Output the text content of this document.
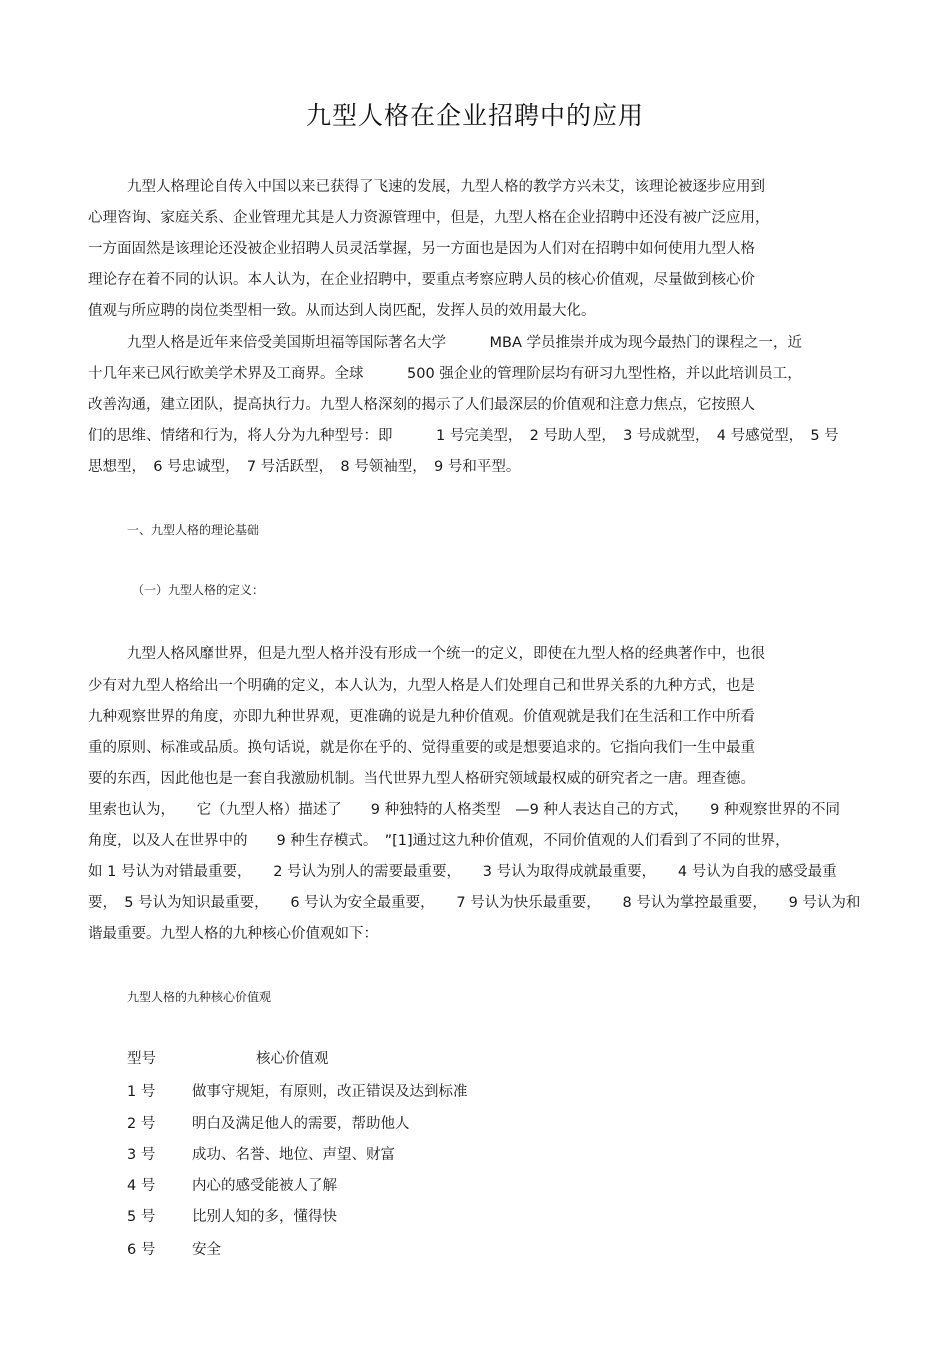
九型人格在企业招聘中的应用
九型人格理论自传入中国以来已获得了飞速的发展，九型人格的教学方兴未艾，该理论被逐步应用到
心理咨询、家庭关系、企业管理尤其是人力资源管理中，但是，九型人格在企业招聘中还没有被广泛应用，
一方面固然是该理论还没被企业招聘人员灵活掌握，另一方面也是因为人们对在招聘中如何使用九型人格
理论存在着不同的认识。本人认为，在企业招聘中，要重点考察应聘人员的核心价值观，尽量做到核心价
值观与所应聘的岗位类型相一致。从而达到人岗匹配，发挥人员的效用最大化。
九型人格是近年来倍受美国斯坦福等国际著名大学　　　MBA 学员推崇并成为现今最热门的课程之一，近
十几年来已风行欧美学术界及工商界。全球　　　500 强企业的管理阶层均有研习九型性格，并以此培训员工，
改善沟通，建立团队，提高执行力。九型人格深刻的揭示了人们最深层的价值观和注意力焦点，它按照人
们的思维、情绪和行为，将人分为九种型号：即　　　1 号完美型，　2 号助人型，　3 号成就型，　4 号感觉型，　5 号
思想型，　6 号忠诚型，　7 号活跃型，　8 号领袖型，　9 号和平型。
一、九型人格的理论基础
（一）九型人格的定义：
九型人格风靡世界，但是九型人格并没有形成一个统一的定义，即使在九型人格的经典著作中，也很
少有对九型人格给出一个明确的定义，本人认为，九型人格是人们处理自己和世界关系的九种方式，也是
九种观察世界的角度，亦即九种世界观，更准确的说是九种价值观。价值观就是我们在生活和工作中所看
重的原则、标准或品质。换句话说，就是你在乎的、觉得重要的或是想要追求的。它指向我们一生中最重
要的东西，因此他也是一套自我激励机制。当代世界九型人格研究领域最权威的研究者之一唐。理查德。
里索也认为，　　它（九型人格）描述了　　9 种独特的人格类型　—9 种人表达自己的方式，　　9 种观察世界的不同
角度，以及人在世界中的　　9 种生存模式。　”[1]通过这九种价值观，不同价值观的人们看到了不同的世界，
如 1 号认为对错最重要，　　2 号认为别人的需要最重要，　　3 号认为取得成就最重要，　　4 号认为自我的感受最重
要，　5 号认为知识最重要，　　6 号认为安全最重要，　　7 号认为快乐最重要，　　8 号认为掌控最重要，　　9 号认为和
谐最重要。九型人格的九种核心价值观如下：
九型人格的九种核心价值观
型号	核心价值观
1 号	做事守规矩，有原则，改正错误及达到标准
2 号	明白及满足他人的需要，帮助他人
3 号	成功、名誉、地位、声望、财富
4 号	内心的感受能被人了解
5 号	比别人知的多，懂得快
6 号	安全
